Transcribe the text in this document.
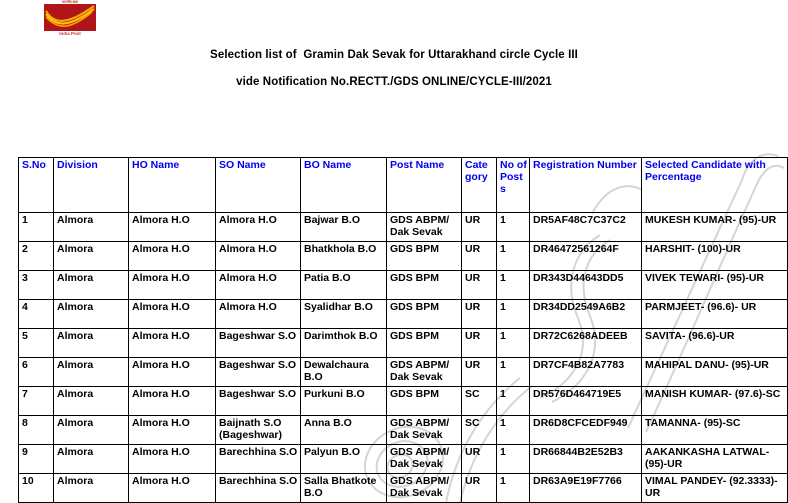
भारतीय डाक
India Post
Selection list of  Gramin Dak Sevak for Uttarakhand circle Cycle III
vide Notification No.RECTT./GDS ONLINE/CYCLE-III/2021
S.No	Division	HO Name	SO Name	BO Name	Post Name	Category	No of Posts	Registration Number	Selected Candidate with Percentage
1	Almora	Almora H.O	Almora H.O	Bajwar B.O	GDS ABPM/ Dak Sevak	UR	1	DR5AF48C7C37C2	MUKESH KUMAR- (95)-UR
2	Almora	Almora H.O	Almora H.O	Bhatkhola B.O	GDS BPM	UR	1	DR46472561264F	HARSHIT- (100)-UR
3	Almora	Almora H.O	Almora H.O	Patia B.O	GDS BPM	UR	1	DR343D44643DD5	VIVEK TEWARI- (95)-UR
4	Almora	Almora H.O	Almora H.O	Syalidhar B.O	GDS BPM	UR	1	DR34DD2549A6B2	PARMJEET- (96.6)- UR
5	Almora	Almora H.O	Bageshwar S.O	Darimthok B.O	GDS BPM	UR	1	DR72C6268ADEEB	SAVITA- (96.6)-UR
6	Almora	Almora H.O	Bageshwar S.O	Dewalchaura B.O	GDS ABPM/ Dak Sevak	UR	1	DR7CF4B82A7783	MAHIPAL DANU- (95)-UR
7	Almora	Almora H.O	Bageshwar S.O	Purkuni B.O	GDS BPM	SC	1	DR576D464719E5	MANISH KUMAR- (97.6)-SC
8	Almora	Almora H.O	Baijnath S.O (Bageshwar)	Anna B.O	GDS ABPM/ Dak Sevak	SC	1	DR6D8CFCEDF949	TAMANNA- (95)-SC
9	Almora	Almora H.O	Barechhina S.O	Palyun B.O	GDS ABPM/ Dak Sevak	UR	1	DR66844B2E52B3	AAKANKASHA LATWAL- (95)-UR
10	Almora	Almora H.O	Barechhina S.O	Salla Bhatkote B.O	GDS ABPM/ Dak Sevak	UR	1	DR63A9E19F7766	VIMAL PANDEY- (92.3333)-UR
